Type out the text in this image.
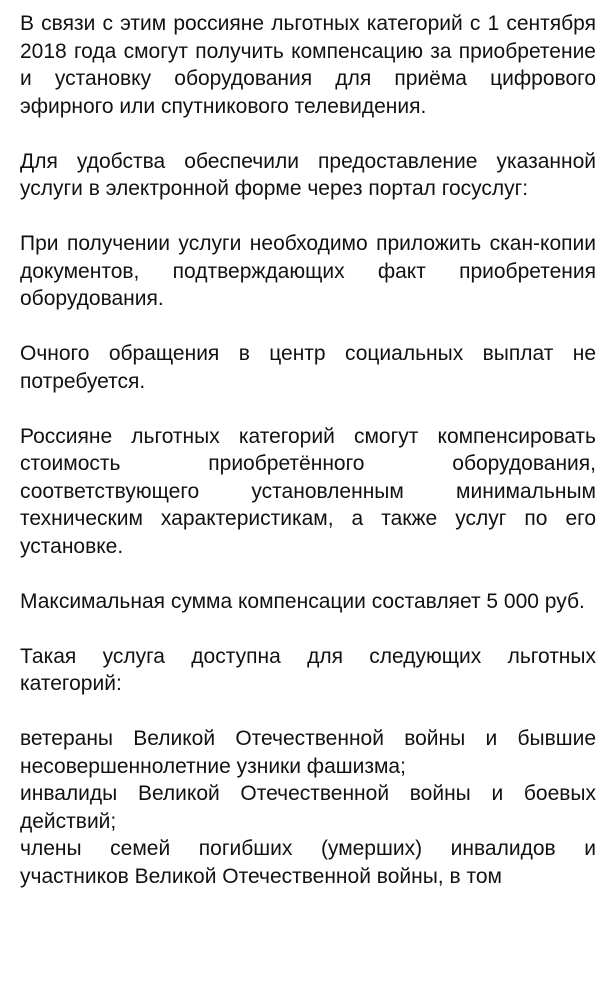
В связи с этим россияне льготных категорий с 1 сентября 2018 года смогут получить компенсацию за приобретение и установку оборудования для приёма цифрового эфирного или спутникового телевидения.

Для удобства обеспечили предоставление указанной услуги в электронной форме через портал госуслуг:

При получении услуги необходимо приложить скан-копии документов, подтверждающих факт приобретения оборудования.

Очного обращения в центр социальных выплат не потребуется.

Россияне льготных категорий смогут компенсировать стоимость приобретённого оборудования, соответствующего установленным минимальным техническим характеристикам, а также услуг по его установке.

Максимальная сумма компенсации составляет 5 000 руб.

Такая услуга доступна для следующих льготных категорий:

ветераны Великой Отечественной войны и бывшие несовершеннолетние узники фашизма;

инвалиды Великой Отечественной войны и боевых действий;

члены семей погибших (умерших) инвалидов и участников Великой Отечественной войны, в том
